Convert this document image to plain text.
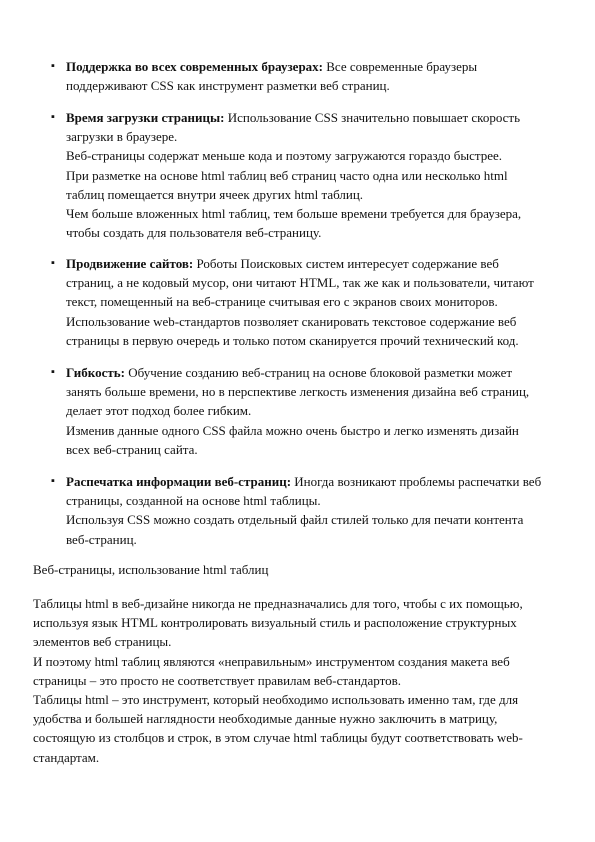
▪ Поддержка во всех современных браузерах: Все современные браузеры
поддерживают CSS как инструмент разметки веб страниц.
▪ Время загрузки страницы: Использование CSS значительно повышает скорость
загрузки в браузере.
Веб-страницы содержат меньше кода и поэтому загружаются гораздо быстрее.
При разметке на основе html таблиц веб страниц часто одна или несколько html
таблиц помещается внутри ячеек других html таблиц.
Чем больше вложенных html таблиц, тем больше времени требуется для браузера,
чтобы создать для пользователя веб-страницу.
▪ Продвижение сайтов: Роботы Поисковых систем интересует содержание веб
страниц, а не кодовый мусор, они читают HTML, так же как и пользователи, читают
текст, помещенный на веб-странице считывая его с экранов своих мониторов.
Использование web-стандартов позволяет сканировать текстовое содержание веб
страницы в первую очередь и только потом сканируется прочий технический код.
▪ Гибкость: Обучение созданию веб-страниц на основе блоковой разметки может
занять больше времени, но в перспективе легкость изменения дизайна веб страниц,
делает этот подход более гибким.
Изменив данные одного CSS файла можно очень быстро и легко изменять дизайн
всех веб-страниц сайта.
▪ Распечатка информации веб-страниц: Иногда возникают проблемы распечатки веб
страницы, созданной на основе html таблицы.
Используя CSS можно создать отдельный файл стилей только для печати контента
веб-страниц.
Веб-страницы, использование html таблиц
Таблицы html в веб-дизайне никогда не предназначались для того, чтобы с их помощью,
используя язык HTML контролировать визуальный стиль и расположение структурных
элементов веб страницы.
И поэтому html таблиц являются «неправильным» инструментом создания макета веб
страницы – это просто не соответствует правилам веб-стандартов.
Таблицы html – это инструмент, который необходимо использовать именно там, где для
удобства и большей наглядности необходимые данные нужно заключить в матрицу,
состоящую из столбцов и строк, в этом случае html таблицы будут соответствовать web-
стандартам.
